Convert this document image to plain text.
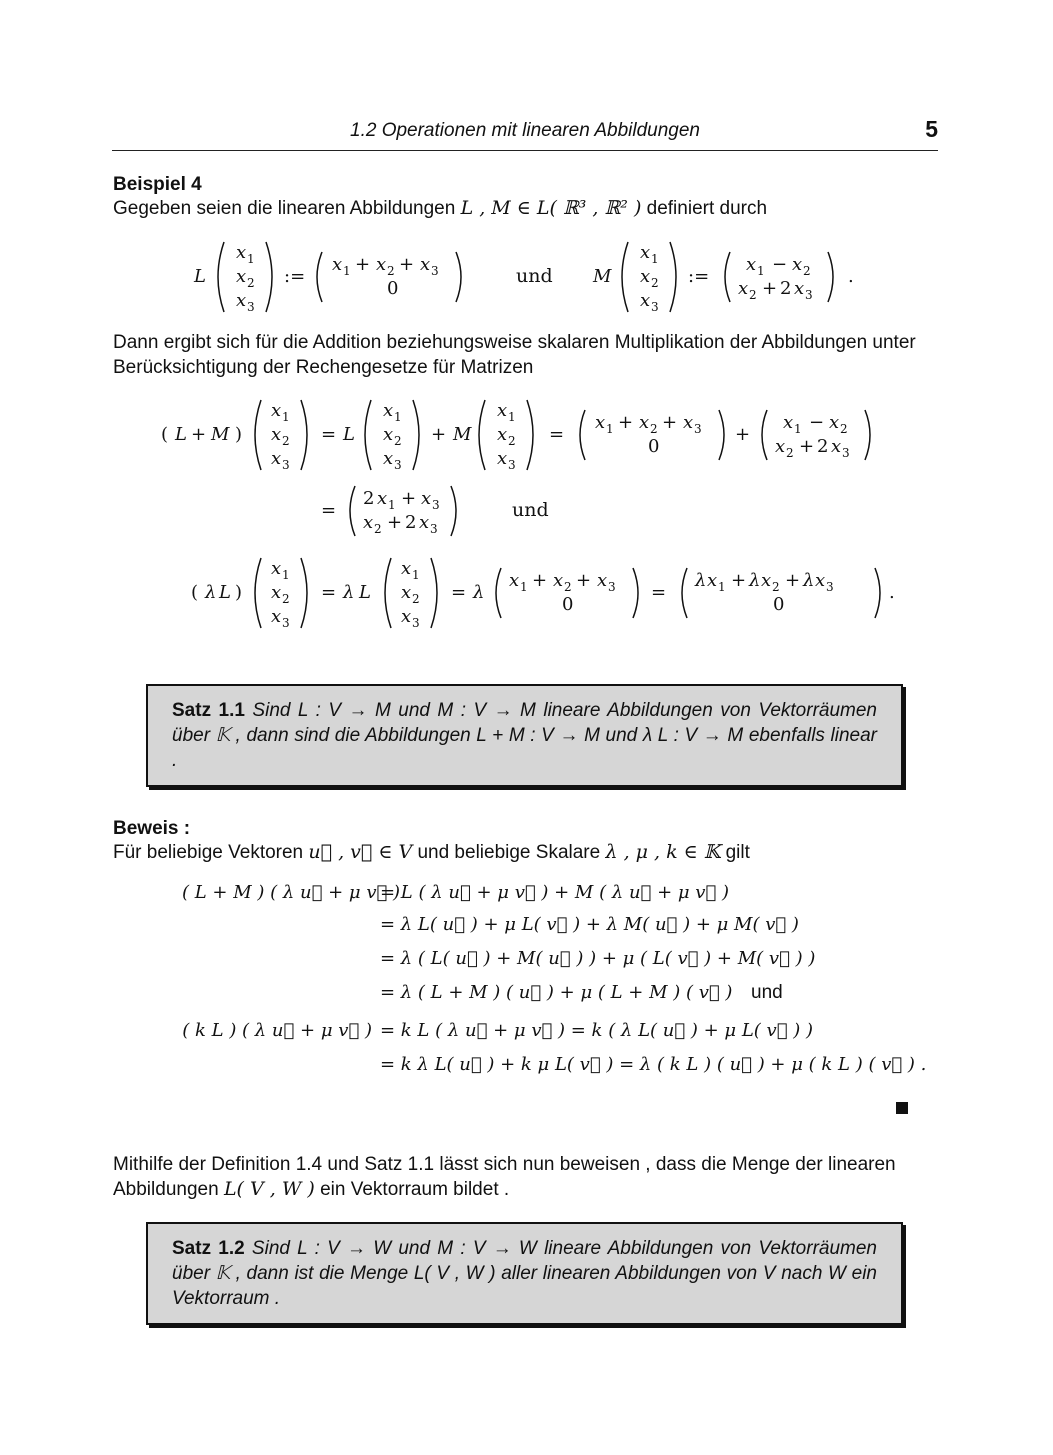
1.2 Operationen mit linearen Abbildungen	5
Beispiel 4
Gegeben seien die linearen Abbildungen L , M ∈ L( ℝ³ , ℝ² ) definiert durch
L
x 1
x 2
x 3
:=
x 1 + x 2 + x 3
0
und M
x 1
x 2
x 3
:=
x 1 − x 2
x 2 + 2 x 3
.
Dann ergibt sich für die Addition beziehungsweise skalaren Multiplikation der Abbildungen unter Berücksichtigung der Rechengesetze für Matrizen
( L + M )
x 1
x 2
x 3
= L
x 1
x 2
x 3
+ M
x 1
x 2
x 3
=
x 1 + x 2 + x 3
0
+
x 1 − x 2
x 2 + 2 x 3
=
2 x 1 + x 3
x 2 + 2 x 3
und
( λ L )
x 1
x 2
x 3
= λ L
x 1
x 2
x 3
= λ
x 1 + x 2 + x 3
0
=
λ x 1 + λ x 2 + λ x 3
0
.
Satz 1.1 Sind L : V → M und M : V → M lineare Abbildungen von Vektorräumen über 𝕂 , dann sind die Abbildungen L + M : V → M und λ L : V → M ebenfalls linear .
Beweis :
Für beliebige Vektoren u⃗ , v⃗ ∈ V und beliebige Skalare λ , μ , k ∈ 𝕂 gilt
( L + M ) ( λ u⃗ + μ v⃗ )
= L ( λ u⃗ + μ v⃗ ) + M ( λ u⃗ + μ v⃗ )
= λ L( u⃗ ) + μ L( v⃗ ) + λ M( u⃗ ) + μ M( v⃗ )
= λ ( L( u⃗ ) + M( u⃗ ) ) + μ ( L( v⃗ ) + M( v⃗ ) )
= λ ( L + M ) ( u⃗ ) + μ ( L + M ) ( v⃗ ) und
( k L ) ( λ u⃗ + μ v⃗ ) = k L ( λ u⃗ + μ v⃗ ) = k ( λ L( u⃗ ) + μ L( v⃗ ) )
= k λ L( u⃗ ) + k μ L( v⃗ ) = λ ( k L ) ( u⃗ ) + μ ( k L ) ( v⃗ ) .
Mithilfe der Definition 1.4 und Satz 1.1 lässt sich nun beweisen , dass die Menge der linearen Abbildungen L( V , W ) ein Vektorraum bildet .
Satz 1.2 Sind L : V → W und M : V → W lineare Abbildungen von Vektorräumen über 𝕂 , dann ist die Menge L( V , W ) aller linearen Abbildungen von V nach W ein Vektorraum .
